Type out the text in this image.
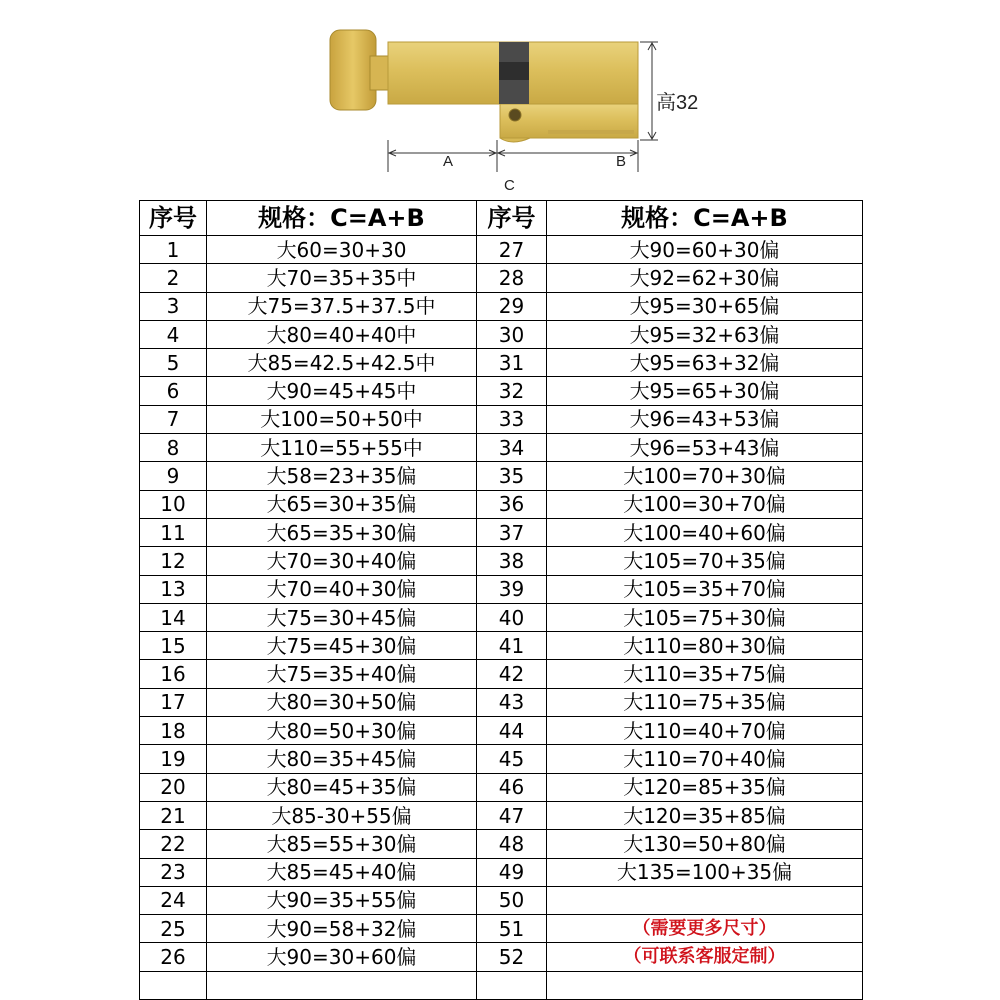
高32
A	B
C
序号	规格：C=A+B	序号	规格：C=A+B
1	大60=30+30	27	大90=60+30偏
2	大70=35+35中	28	大92=62+30偏
3	大75=37.5+37.5中	29	大95=30+65偏
4	大80=40+40中	30	大95=32+63偏
5	大85=42.5+42.5中	31	大95=63+32偏
6	大90=45+45中	32	大95=65+30偏
7	大100=50+50中	33	大96=43+53偏
8	大110=55+55中	34	大96=53+43偏
9	大58=23+35偏	35	大100=70+30偏
10	大65=30+35偏	36	大100=30+70偏
11	大65=35+30偏	37	大100=40+60偏
12	大70=30+40偏	38	大105=70+35偏
13	大70=40+30偏	39	大105=35+70偏
14	大75=30+45偏	40	大105=75+30偏
15	大75=45+30偏	41	大110=80+30偏
16	大75=35+40偏	42	大110=35+75偏
17	大80=30+50偏	43	大110=75+35偏
18	大80=50+30偏	44	大110=40+70偏
19	大80=35+45偏	45	大110=70+40偏
20	大80=45+35偏	46	大120=85+35偏
21	大85-30+55偏	47	大120=35+85偏
22	大85=55+30偏	48	大130=50+80偏
23	大85=45+40偏	49	大135=100+35偏
24	大90=35+55偏	50	
25	大90=58+32偏	51	（需要更多尺寸）
26	大90=30+60偏	52	（可联系客服定制）
